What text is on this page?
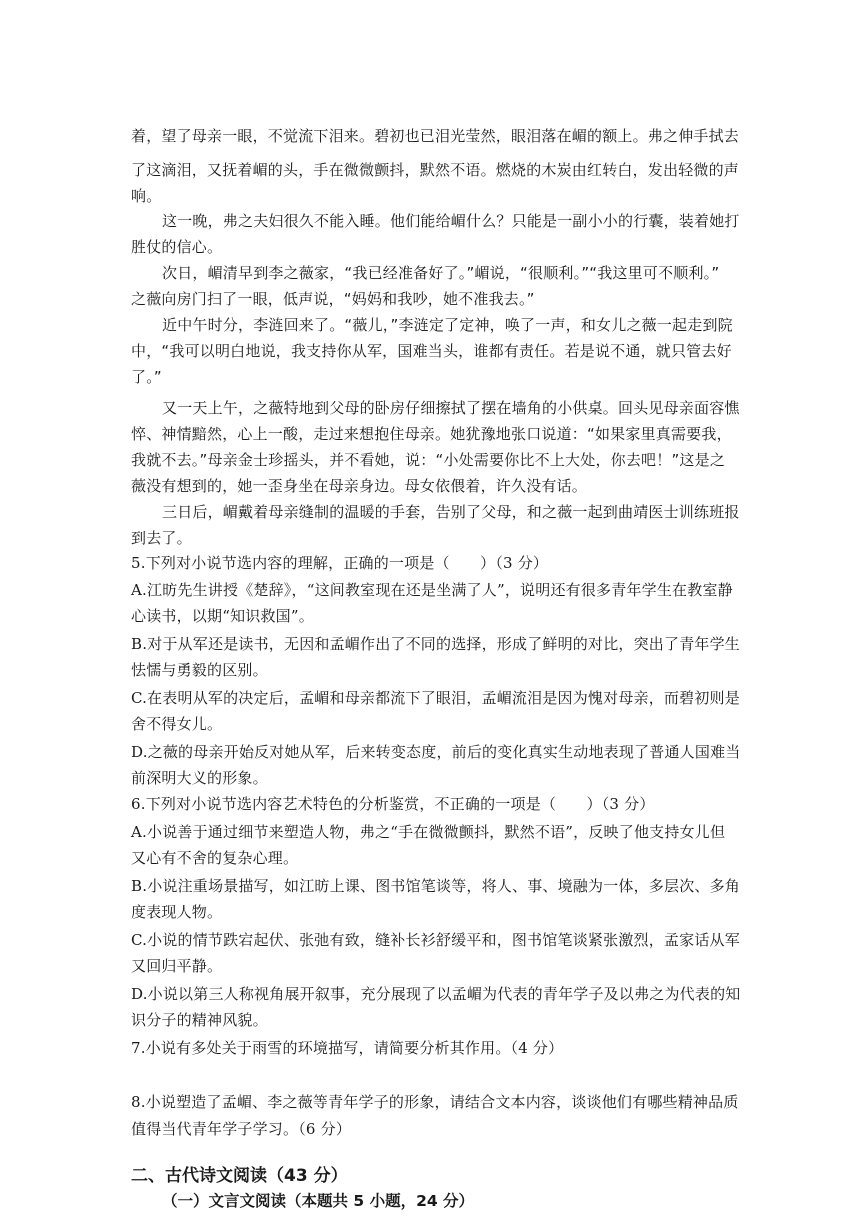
着，望了母亲一眼，不觉流下泪来。碧初也已泪光莹然，眼泪落在嵋的额上。弗之伸手拭去
了这滴泪，又抚着嵋的头，手在微微颤抖，默然不语。燃烧的木炭由红转白，发出轻微的声
响。
这一晚，弗之夫妇很久不能入睡。他们能给嵋什么？只能是一副小小的行囊，装着她打
胜仗的信心。
次日，嵋清早到李之薇家，“我已经准备好了。”嵋说，“很顺利。”“我这里可不顺利。”
之薇向房门扫了一眼，低声说，“妈妈和我吵，她不准我去。”
近中午时分，李涟回来了。“薇儿，”李涟定了定神，唤了一声，和女儿之薇一起走到院
中，“我可以明白地说，我支持你从军，国难当头，谁都有责任。若是说不通，就只管去好
了。”
又一天上午，之薇特地到父母的卧房仔细擦拭了摆在墙角的小供桌。回头见母亲面容憔
悴、神情黯然，心上一酸，走过来想抱住母亲。她犹豫地张口说道：“如果家里真需要我，
我就不去。”母亲金士珍摇头，并不看她，说：“小处需要你比不上大处，你去吧！”这是之
薇没有想到的，她一歪身坐在母亲身边。母女依偎着，许久没有话。
三日后，嵋戴着母亲缝制的温暖的手套，告别了父母，和之薇一起到曲靖医士训练班报
到去了。
5.下列对小说节选内容的理解，正确的一项是（　　）（3 分）
A.江昉先生讲授《楚辞》，“这间教室现在还是坐满了人”，说明还有很多青年学生在教室静
心读书，以期“知识救国”。
B.对于从军还是读书，无因和孟嵋作出了不同的选择，形成了鲜明的对比，突出了青年学生
怯懦与勇毅的区别。
C.在表明从军的决定后，孟嵋和母亲都流下了眼泪，孟嵋流泪是因为愧对母亲，而碧初则是
舍不得女儿。
D.之薇的母亲开始反对她从军，后来转变态度，前后的变化真实生动地表现了普通人国难当
前深明大义的形象。
6.下列对小说节选内容艺术特色的分析鉴赏，不正确的一项是（　　）（3 分）
A.小说善于通过细节来塑造人物，弗之“手在微微颤抖，默然不语”，反映了他支持女儿但
又心有不舍的复杂心理。
B.小说注重场景描写，如江昉上课、图书馆笔谈等，将人、事、境融为一体，多层次、多角
度表现人物。
C.小说的情节跌宕起伏、张弛有致，缝补长衫舒缓平和，图书馆笔谈紧张激烈，孟家话从军
又回归平静。
D.小说以第三人称视角展开叙事，充分展现了以孟嵋为代表的青年学子及以弗之为代表的知
识分子的精神风貌。
7.小说有多处关于雨雪的环境描写，请简要分析其作用。（4 分）
8.小说塑造了孟嵋、李之薇等青年学子的形象，请结合文本内容，谈谈他们有哪些精神品质
值得当代青年学子学习。（6 分）
二、古代诗文阅读（43 分）
（一）文言文阅读（本题共 5 小题，24 分）
